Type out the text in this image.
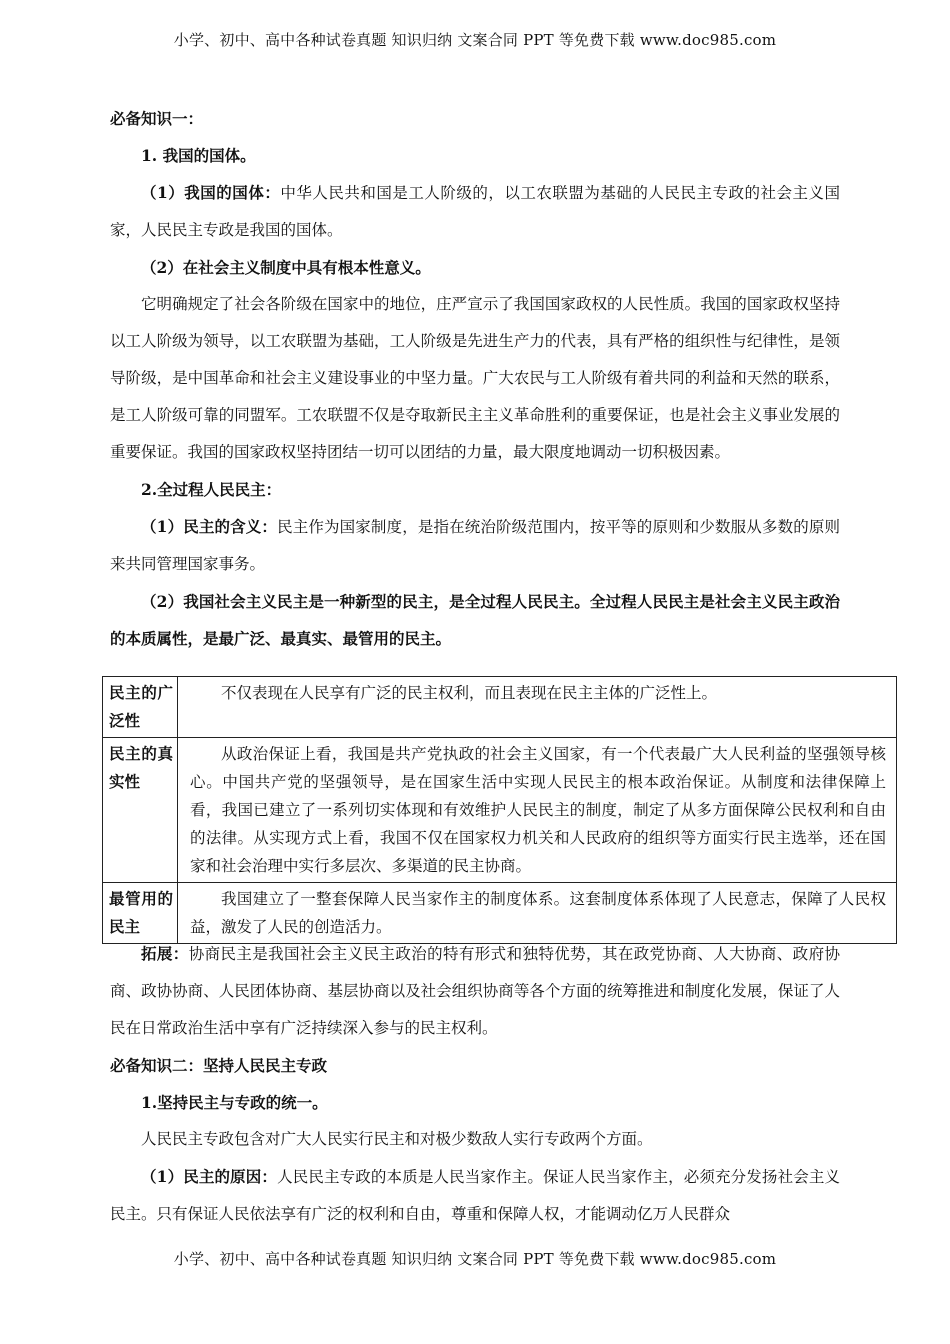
小学、初中、高中各种试卷真题 知识归纳 文案合同 PPT 等免费下载 www.doc985.com
必备知识一：
1. 我国的国体。
（1）我国的国体：中华人民共和国是工人阶级的，以工农联盟为基础的人民民主专政的社会主义国家，人民民主专政是我国的国体。
（2）在社会主义制度中具有根本性意义。
它明确规定了社会各阶级在国家中的地位，庄严宣示了我国国家政权的人民性质。我国的国家政权坚持以工人阶级为领导，以工农联盟为基础，工人阶级是先进生产力的代表，具有严格的组织性与纪律性，是领导阶级，是中国革命和社会主义建设事业的中坚力量。广大农民与工人阶级有着共同的利益和天然的联系，是工人阶级可靠的同盟军。工农联盟不仅是夺取新民主主义革命胜利的重要保证，也是社会主义事业发展的重要保证。我国的国家政权坚持团结一切可以团结的力量，最大限度地调动一切积极因素。
2.全过程人民民主：
（1）民主的含义：民主作为国家制度，是指在统治阶级范围内，按平等的原则和少数服从多数的原则来共同管理国家事务。
（2）我国社会主义民主是一种新型的民主，是全过程人民民主。全过程人民民主是社会主义民主政治的本质属性，是最广泛、最真实、最管用的民主。
民主的广泛性	不仅表现在人民享有广泛的民主权利，而且表现在民主主体的广泛性上。
民主的真实性	从政治保证上看，我国是共产党执政的社会主义国家，有一个代表最广大人民利益的坚强领导核心。中国共产党的坚强领导，是在国家生活中实现人民民主的根本政治保证。从制度和法律保障上看，我国已建立了一系列切实体现和有效维护人民民主的制度，制定了从多方面保障公民权利和自由的法律。从实现方式上看，我国不仅在国家权力机关和人民政府的组织等方面实行民主选举，还在国家和社会治理中实行多层次、多渠道的民主协商。
最管用的民主	我国建立了一整套保障人民当家作主的制度体系。这套制度体系体现了人民意志，保障了人民权益，激发了人民的创造活力。
拓展：协商民主是我国社会主义民主政治的特有形式和独特优势，其在政党协商、人大协商、政府协商、政协协商、人民团体协商、基层协商以及社会组织协商等各个方面的统筹推进和制度化发展，保证了人民在日常政治生活中享有广泛持续深入参与的民主权利。
必备知识二：坚持人民民主专政
1.坚持民主与专政的统一。
人民民主专政包含对广大人民实行民主和对极少数敌人实行专政两个方面。
（1）民主的原因：人民民主专政的本质是人民当家作主。保证人民当家作主，必须充分发扬社会主义民主。只有保证人民依法享有广泛的权利和自由，尊重和保障人权，才能调动亿万人民群众
小学、初中、高中各种试卷真题 知识归纳 文案合同 PPT 等免费下载 www.doc985.com
